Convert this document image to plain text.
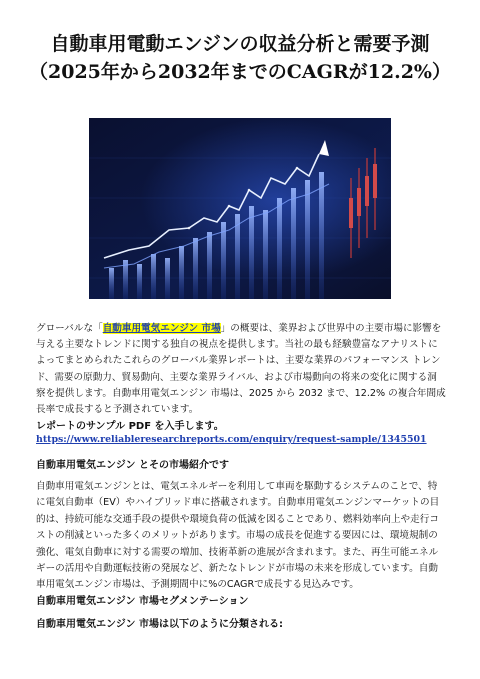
自動車用電動エンジンの収益分析と需要予測
（2025年から2032年までのCAGRが12.2%）

グローバルな「自動車用電気エンジン 市場」の概要は、業界および世界中の主要市場に影響を与える主要なトレンドに関する独自の視点を提供します。当社の最も経験豊富なアナリストによってまとめられたこれらのグローバル業界レポートは、主要な業界のパフォーマンス トレンド、需要の原動力、貿易動向、主要な業界ライバル、および市場動向の将来の変化に関する洞察を提供します。自動車用電気エンジン 市場は、2025 から 2032 まで、12.2% の複合年間成長率で成長すると予測されています。

レポートのサンプル PDF を入手します。
https://www.reliableresearchreports.com/enquiry/request-sample/1345501
自動車用電気エンジン とその市場紹介です

自動車用電気エンジンとは、電気エネルギーを利用して車両を駆動するシステムのことで、特に電気自動車（EV）やハイブリッド車に搭載されます。自動車用電気エンジンマーケットの目的は、持続可能な交通手段の提供や環境負荷の低減を図ることであり、燃料効率向上や走行コストの削減といった多くのメリットがあります。市場の成長を促進する要因には、環境規制の強化、電気自動車に対する需要の増加、技術革新の進展が含まれます。また、再生可能エネルギーの活用や自動運転技術の発展など、新たなトレンドが市場の未来を形成しています。自動車用電気エンジン市場は、予測期間中に%のCAGRで成長する見込みです。

自動車用電気エンジン 市場セグメンテーション
自動車用電気エンジン 市場は以下のように分類される:
